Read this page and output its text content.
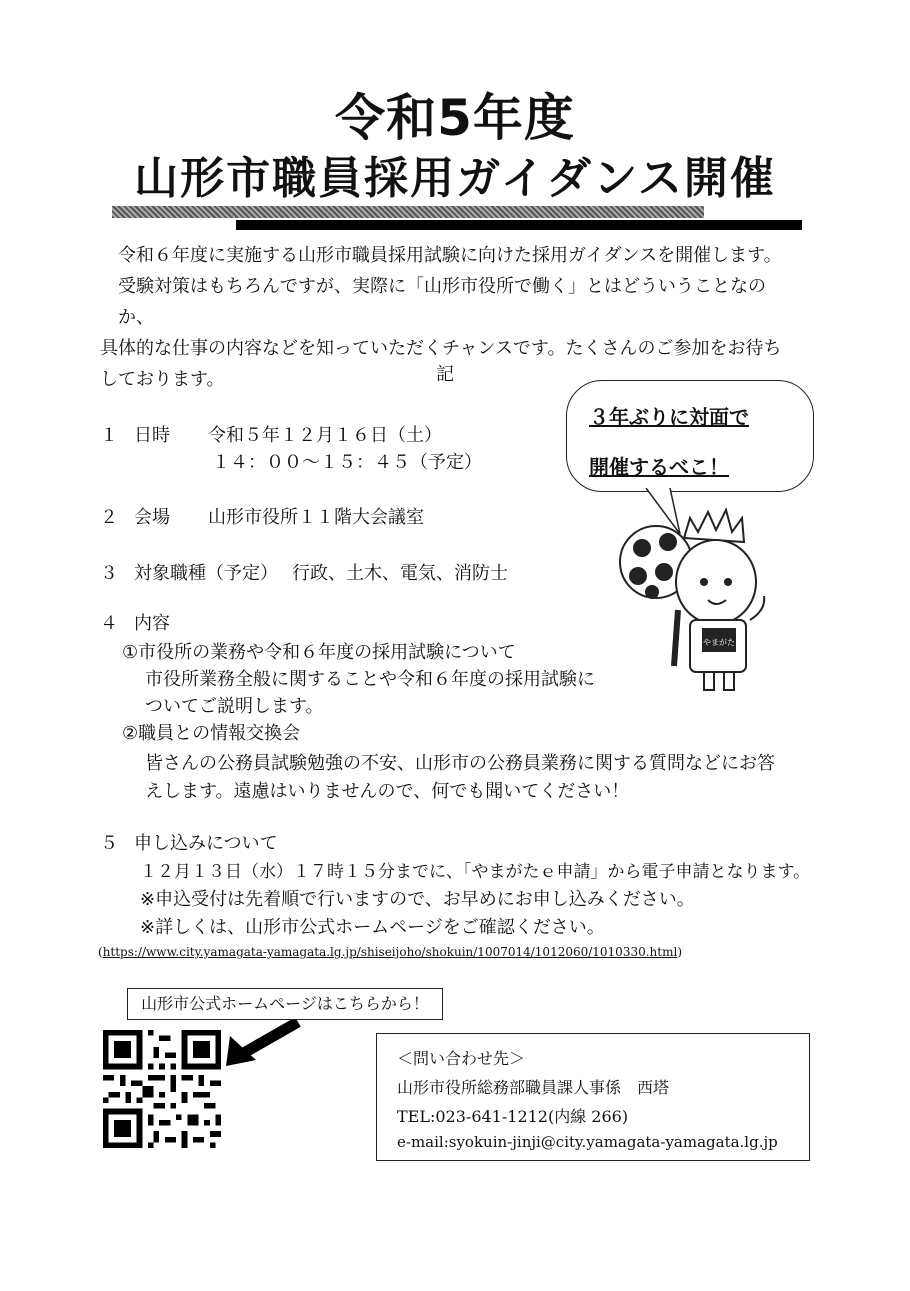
令和5年度
山形市職員採用ガイダンス開催

令和６年度に実施する山形市職員採用試験に向けた採用ガイダンスを開催します。

受験対策はもちろんですが、実際に「山形市役所で働く」とはどういうことなのか、

具体的な仕事の内容などを知っていただくチャンスです。たくさんのご参加をお待ち

しております。	記
３年ぶりに対面で
開催するべこ！
やまがた
１ 日時 令和５年１２月１６日（土）
１４：００～１５：４５（予定）
２ 会場 山形市役所１１階大会議室
３ 対象職種（予定） 行政、土木、電気、消防士
４ 内容
①市役所の業務や令和６年度の採用試験について
市役所業務全般に関することや令和６年度の採用試験に
ついてご説明します。
②職員との情報交換会
皆さんの公務員試験勉強の不安、山形市の公務員業務に関する質問などにお答
えします。遠慮はいりませんので、何でも聞いてください！
５ 申し込みについて
１２月１３日（水）１７時１５分までに、「やまがたｅ申請」から電子申請となります。
※申込受付は先着順で行いますので、お早めにお申し込みください。
※詳しくは、山形市公式ホームページをご確認ください。
(https://www.city.yamagata-yamagata.lg.jp/shiseijoho/shokuin/1007014/1012060/1010330.html)
山形市公式ホームページはこちらから！
＜問い合わせ先＞
山形市役所総務部職員課人事係　西塔
TEL:023-641-1212(内線 266)
e-mail:syokuin-jinji@city.yamagata-yamagata.lg.jp
